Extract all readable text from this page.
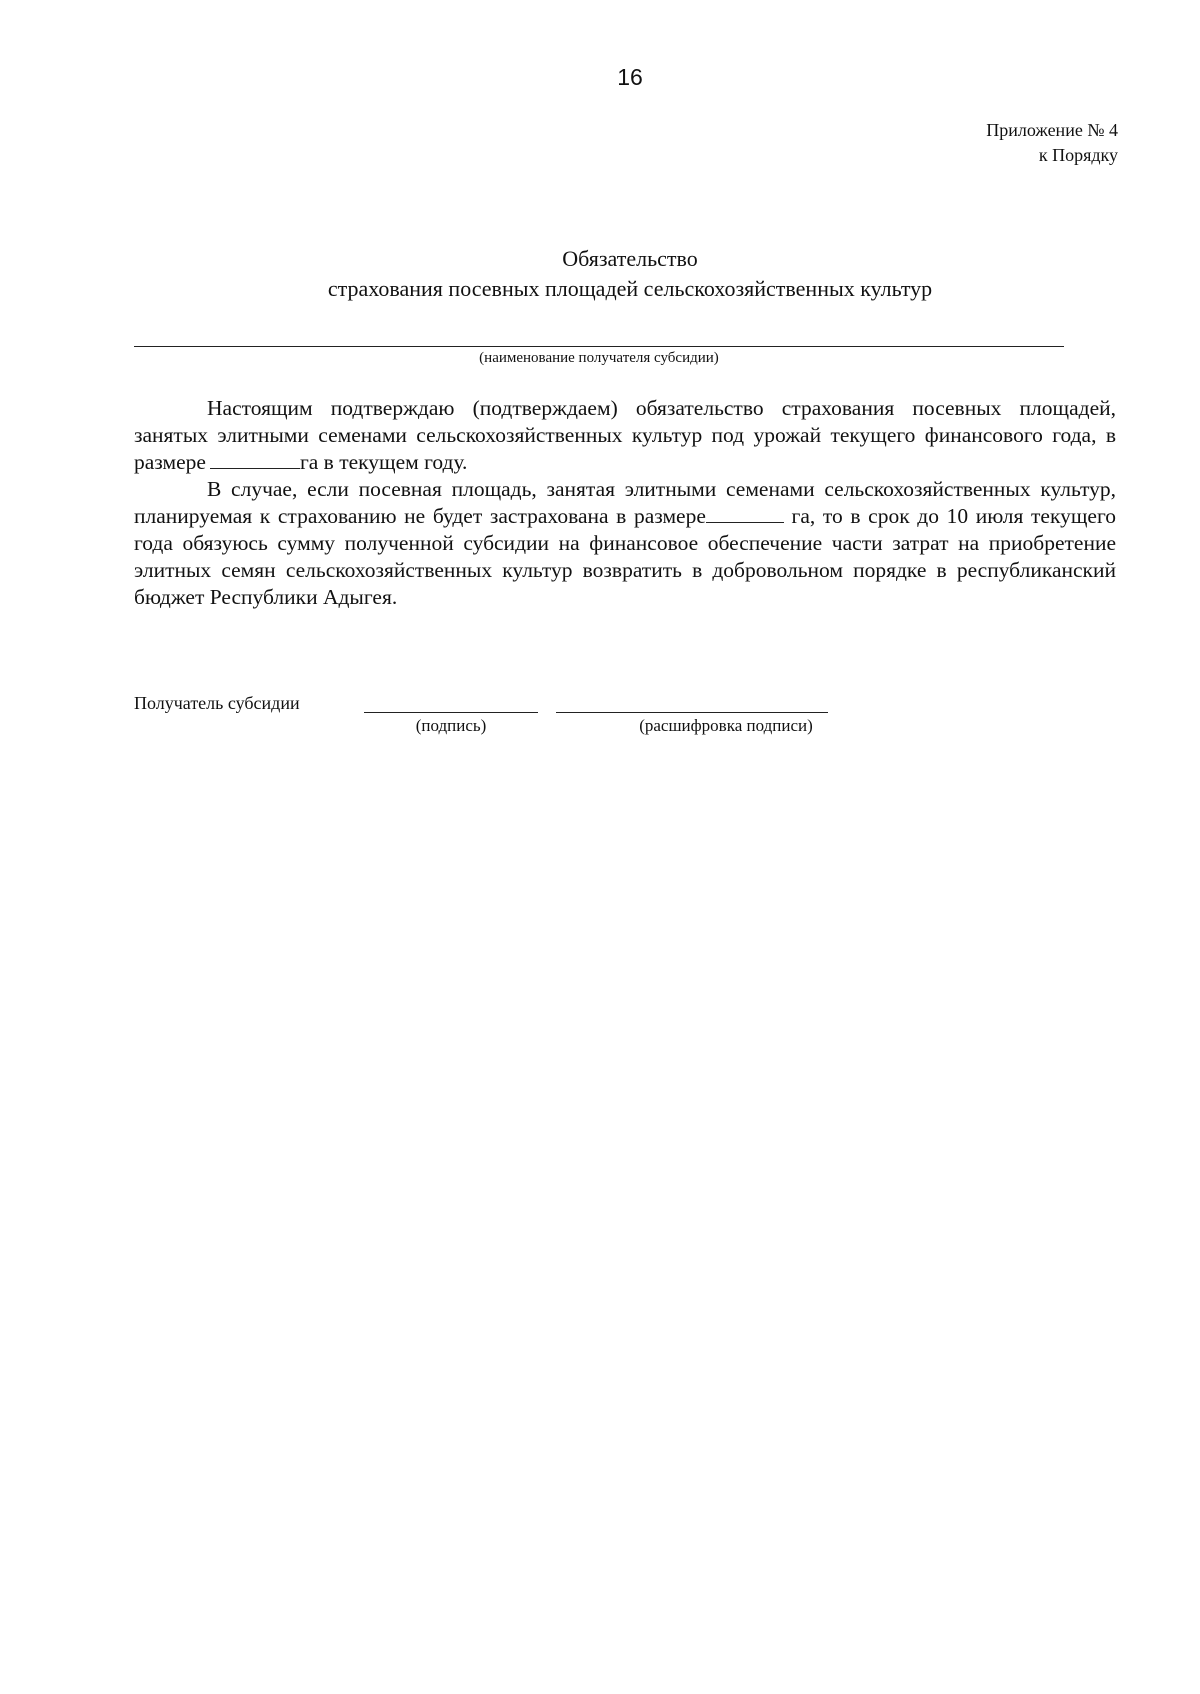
16
Приложение № 4
к Порядку
Обязательство
страхования посевных площадей сельскохозяйственных культур
(наименование получателя субсидии)

Настоящим подтверждаю (подтверждаем) обязательство страхования посевных площадей, занятых элитными семенами сельскохозяйственных культур под урожай текущего финансового года, в размере	га в текущем году.

В случае, если посевная площадь, занятая элитными семенами сельскохозяйственных культур, планируемая к страхованию не будет застрахована в размере	га, то в срок до 10 июля текущего года обязуюсь сумму полученной субсидии на финансовое обеспечение части затрат на приобретение элитных семян сельскохозяйственных культур возвратить в добровольном порядке в республиканский бюджет Республики Адыгея.

Получатель субсидии
(подпись)	(расшифровка подписи)
